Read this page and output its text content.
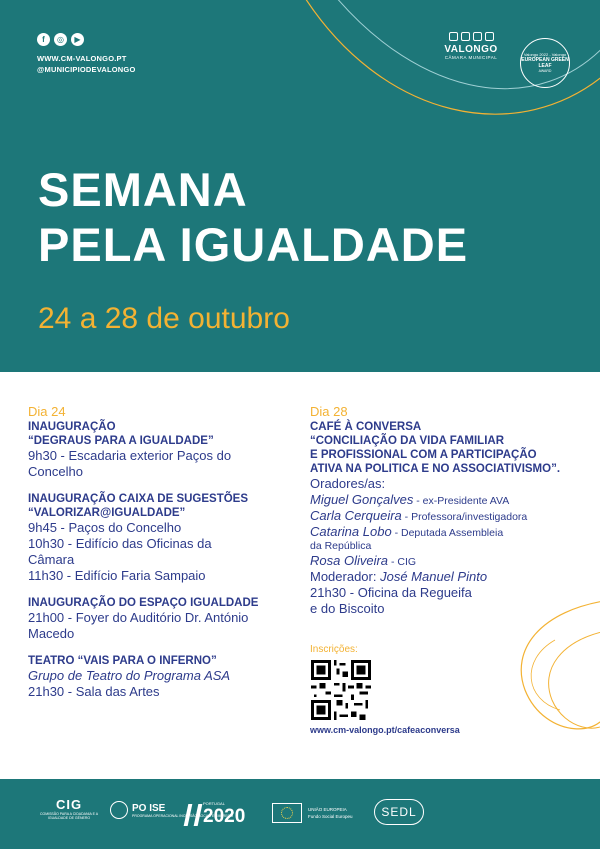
f	◎	▶
WWW.CM-VALONGO.PT
@MUNICIPIODEVALONGO
VALONGO
CÂMARA MUNICIPAL
Valongo 2022 - Valongo
EUROPEAN GREEN LEAF
AWARD
SEMANA
PELA IGUALDADE
24 a 28 de outubro
Dia 24
INAUGURAÇÃO
“DEGRAUS PARA A IGUALDADE”
9h30 - Escadaria exterior Paços do
Concelho
INAUGURAÇÃO CAIXA DE SUGESTÕES
“VALORIZAR@IGUALDADE”
9h45 - Paços do Concelho
10h30 - Edifício das Oficinas da
Câmara
11h30 - Edifício Faria Sampaio
INAUGURAÇÃO DO ESPAÇO IGUALDADE
21h00 - Foyer do Auditório Dr. António
Macedo
TEATRO “VAIS PARA O INFERNO”
Grupo de Teatro do Programa ASA
21h30 - Sala das Artes
Dia 28
CAFÉ À CONVERSA
“CONCILIAÇÃO DA VIDA FAMILIAR
E PROFISSIONAL COM A PARTICIPAÇÃO
ATIVA NA POLITICA E NO ASSOCIATIVISMO”.
Oradores/as:
Miguel Gonçalves - ex-Presidente AVA
Carla Cerqueira - Professora/investigadora
Catarina Lobo - Deputada Assembleia
da República
Rosa Oliveira - CIG
Moderador: José Manuel Pinto
21h30 - Oficina da Regueifa
e do Biscoito
Inscrições:
www.cm-valongo.pt/cafeaconversa
CIG
COMISSÃO PARA A CIDADANIA E A IGUALDADE DE GÉNERO
PO ISE
PROGRAMA OPERACIONAL INCLUSÃO SOCIAL E EMPREGO
PORTUGAL
2020	UNIÃO EUROPEIA
Fundo Social Europeu	SEDL
